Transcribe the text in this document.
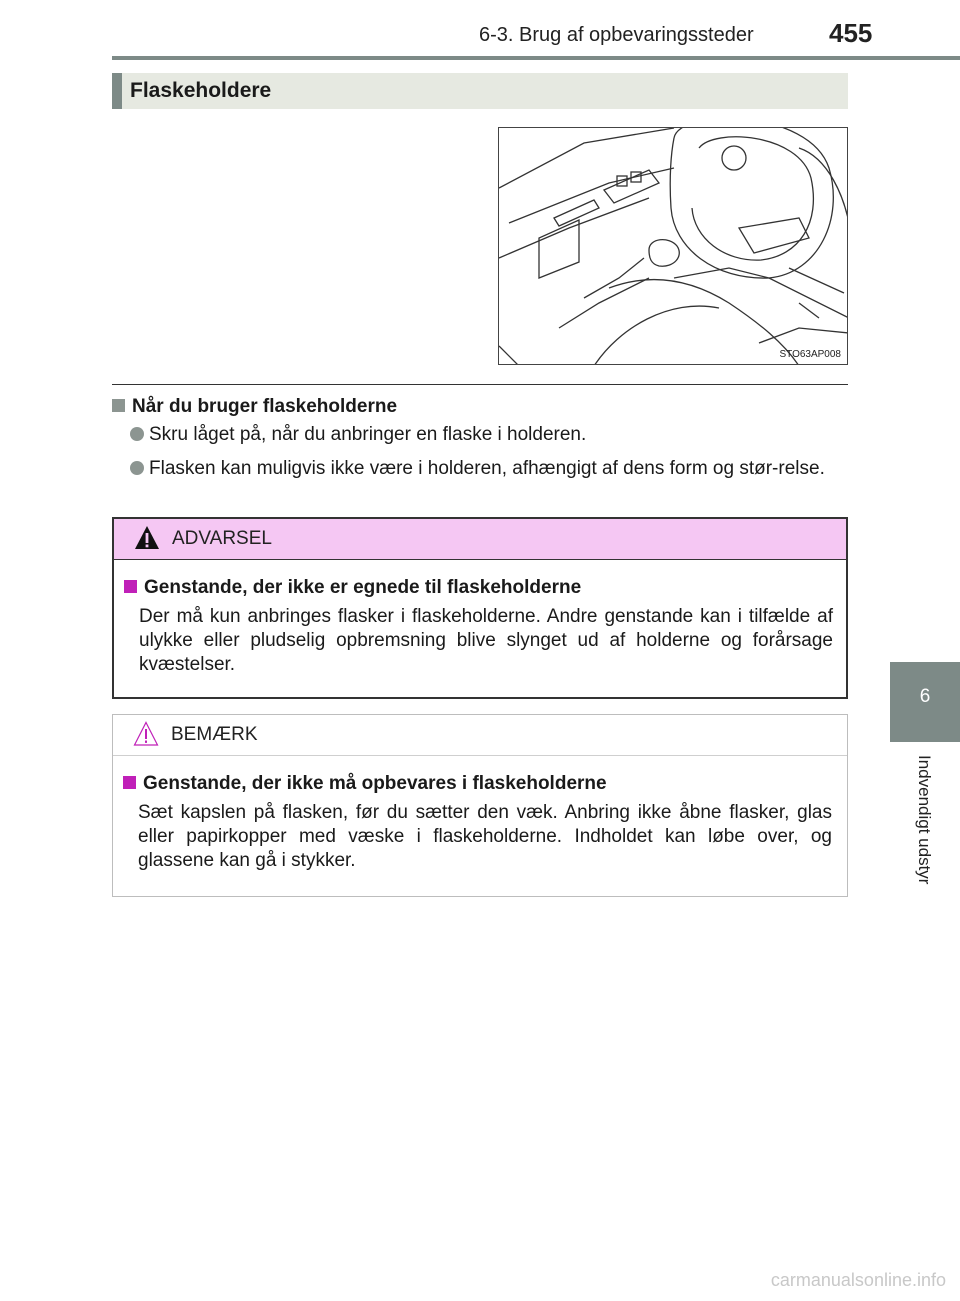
6-3. Brug af opbevaringssteder	455
Flaskeholdere
STO63AP008
Når du bruger flaskeholderne
Skru låget på, når du anbringer en flaske i holderen.
Flasken kan muligvis ikke være i holderen, afhængigt af dens form og stør-relse.
ADVARSEL
Genstande, der ikke er egnede til flaskeholderne
Der må kun anbringes flasker i flaskeholderne. Andre genstande kan i tilfælde af ulykke eller pludselig opbremsning blive slynget ud af holderne og forårsage kvæstelser.
BEMÆRK
Genstande, der ikke må opbevares i flaskeholderne
Sæt kapslen på flasken, før du sætter den væk. Anbring ikke åbne flasker, glas eller papirkopper med væske i flaskeholderne. Indholdet kan løbe over, og glassene kan gå i stykker.
6
Indvendigt udstyr
carmanualsonline.info
